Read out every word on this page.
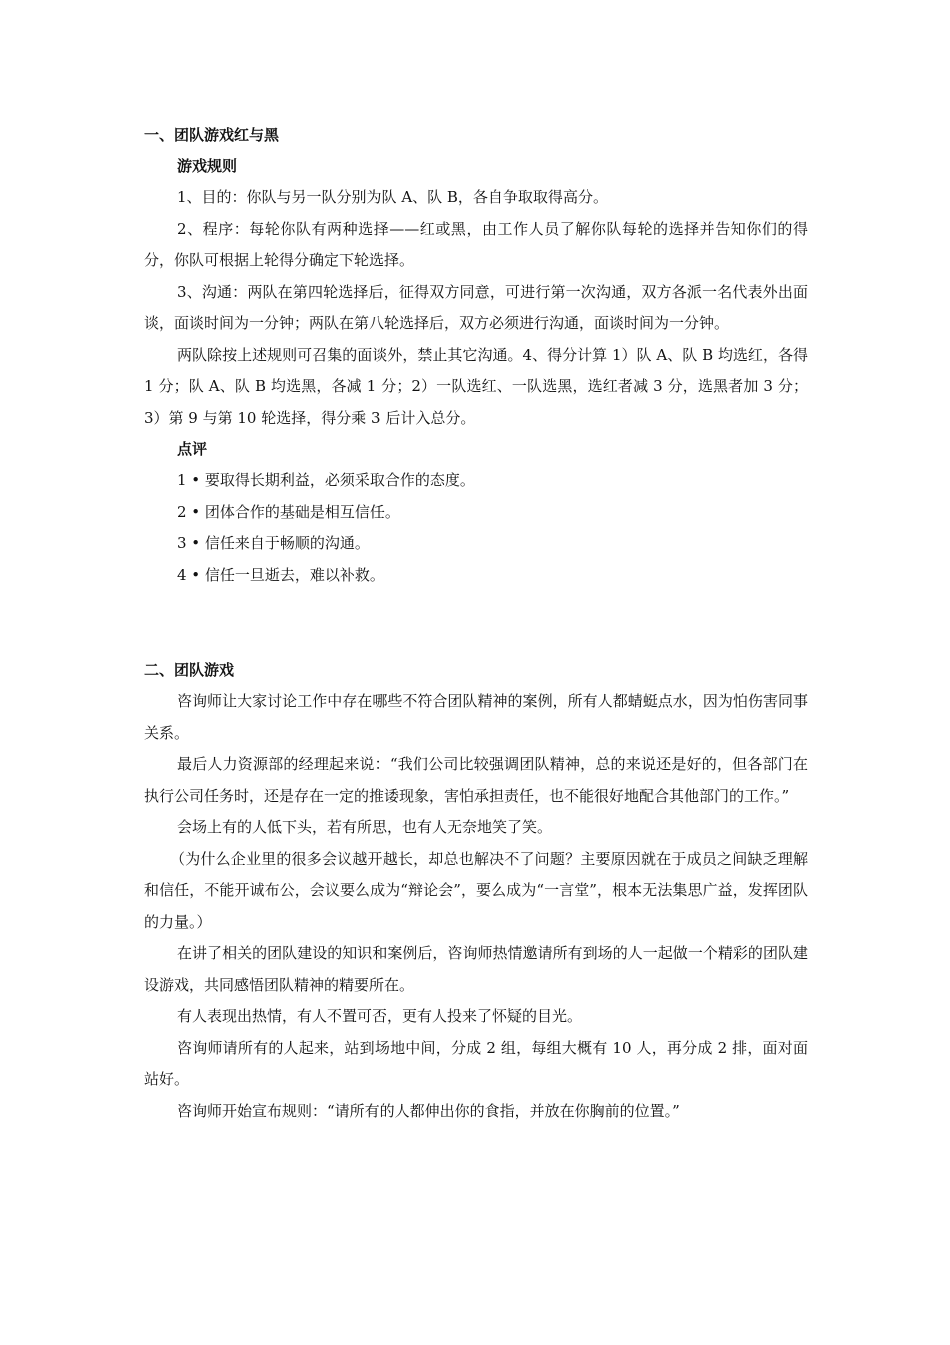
一、团队游戏红与黑
游戏规则

1、目的：你队与另一队分别为队 A、队 B，各自争取取得高分。

2、程序：每轮你队有两种选择——红或黑，由工作人员了解你队每轮的选择并告知你们的得分，你队可根据上轮得分确定下轮选择。

3、沟通：两队在第四轮选择后，征得双方同意，可进行第一次沟通，双方各派一名代表外出面谈，面谈时间为一分钟；两队在第八轮选择后，双方必须进行沟通，面谈时间为一分钟。

两队除按上述规则可召集的面谈外，禁止其它沟通。4、得分计算 1）队 A、队 B 均选红，各得 1 分；队 A、队 B 均选黑，各减 1 分；2）一队选红、一队选黑，选红者减 3 分，选黑者加 3 分；3）第 9 与第 10 轮选择，得分乘 3 后计入总分。

点评

1 • 要取得长期利益，必须采取合作的态度。

2 • 团体合作的基础是相互信任。

3 • 信任来自于畅顺的沟通。

4 • 信任一旦逝去，难以补救。

二、团队游戏

咨询师让大家讨论工作中存在哪些不符合团队精神的案例，所有人都蜻蜓点水，因为怕伤害同事关系。

最后人力资源部的经理起来说：“我们公司比较强调团队精神，总的来说还是好的，但各部门在执行公司任务时，还是存在一定的推诿现象，害怕承担责任，也不能很好地配合其他部门的工作。”

会场上有的人低下头，若有所思，也有人无奈地笑了笑。

（为什么企业里的很多会议越开越长，却总也解决不了问题？主要原因就在于成员之间缺乏理解和信任，不能开诚布公，会议要么成为“辩论会”，要么成为“一言堂”，根本无法集思广益，发挥团队的力量。）

在讲了相关的团队建设的知识和案例后，咨询师热情邀请所有到场的人一起做一个精彩的团队建设游戏，共同感悟团队精神的精要所在。

有人表现出热情，有人不置可否，更有人投来了怀疑的目光。

咨询师请所有的人起来，站到场地中间，分成 2 组，每组大概有 10 人，再分成 2 排，面对面站好。

咨询师开始宣布规则：“请所有的人都伸出你的食指，并放在你胸前的位置。”
